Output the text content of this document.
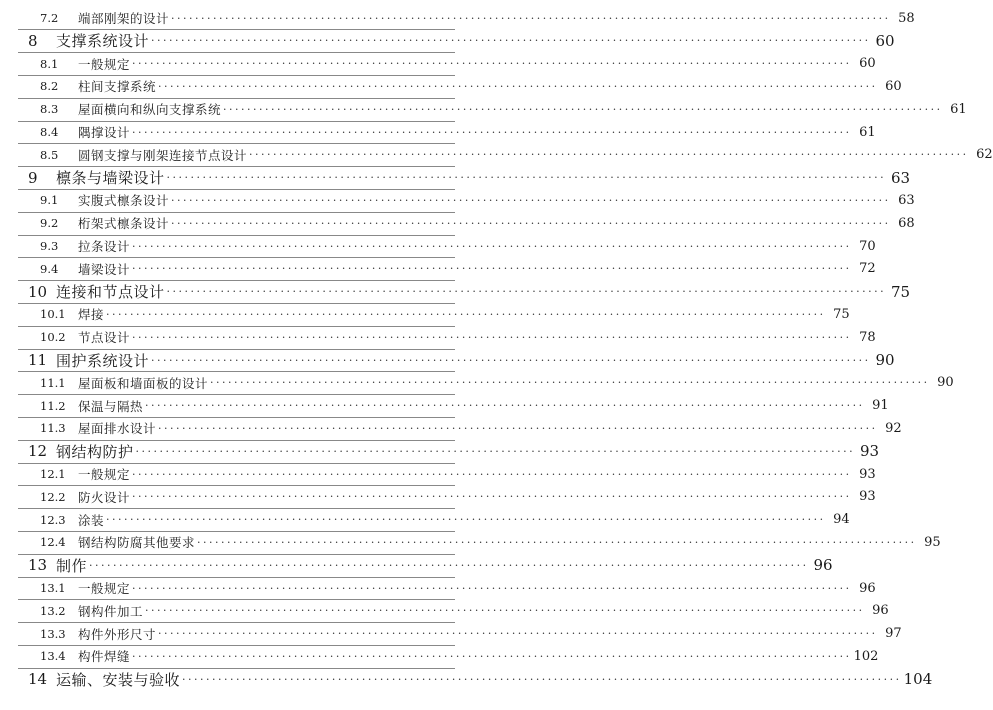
7.2 端部刚架的设计 ························································································································ 58
8 支撑系统设计 ························································································································ 60
8.1 一般规定 ························································································································ 60
8.2 柱间支撑系统 ························································································································ 60
8.3 屋面横向和纵向支撑系统 ························································································································ 61
8.4 隅撑设计 ························································································································ 61
8.5 圆钢支撑与刚架连接节点设计 ························································································································ 62
9 檩条与墙梁设计 ························································································································ 63
9.1 实腹式檩条设计 ························································································································ 63
9.2 桁架式檩条设计 ························································································································ 68
9.3 拉条设计 ························································································································ 70
9.4 墙梁设计 ························································································································ 72
10 连接和节点设计 ························································································································ 75
10.1 焊接 ························································································································ 75
10.2 节点设计 ························································································································ 78
11 围护系统设计 ························································································································ 90
11.1 屋面板和墙面板的设计 ························································································································ 90
11.2 保温与隔热 ························································································································ 91
11.3 屋面排水设计 ························································································································ 92
12 钢结构防护 ························································································································ 93
12.1 一般规定 ························································································································ 93
12.2 防火设计 ························································································································ 93
12.3 涂装 ························································································································ 94
12.4 钢结构防腐其他要求 ························································································································ 95
13 制作 ························································································································ 96
13.1 一般规定 ························································································································ 96
13.2 钢构件加工 ························································································································ 96
13.3 构件外形尺寸 ························································································································ 97
13.4 构件焊缝 ························································································································ 102
14 运输、安装与验收 ························································································································ 104
